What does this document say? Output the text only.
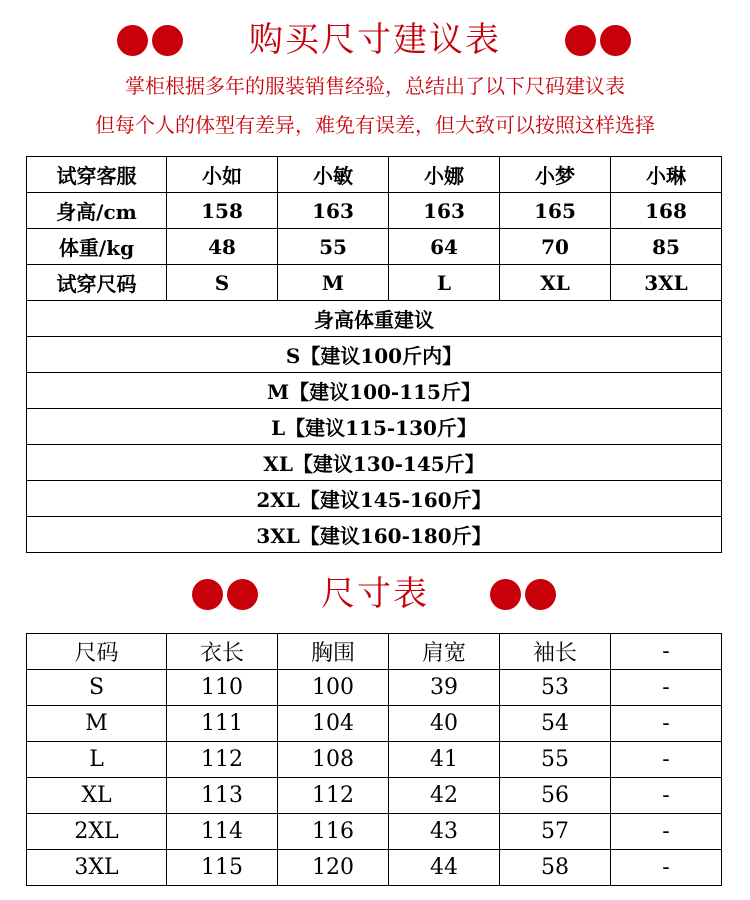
购买尺寸建议表
掌柜根据多年的服装销售经验，总结出了以下尺码建议表
但每个人的体型有差异，难免有误差，但大致可以按照这样选择
试穿客服	小如	小敏	小娜	小梦	小琳
身高/cm	158	163	163	165	168
体重/kg	48	55	64	70	85
试穿尺码	S	M	L	XL	3XL
身高体重建议					
S【建议100斤内】					
M【建议100-115斤】					
L【建议115-130斤】					
XL【建议130-145斤】					
2XL【建议145-160斤】					
3XL【建议160-180斤】					
尺寸表
尺码	衣长	胸围	肩宽	袖长	-
S	110	100	39	53	-
M	111	104	40	54	-
L	112	108	41	55	-
XL	113	112	42	56	-
2XL	114	116	43	57	-
3XL	115	120	44	58	-
